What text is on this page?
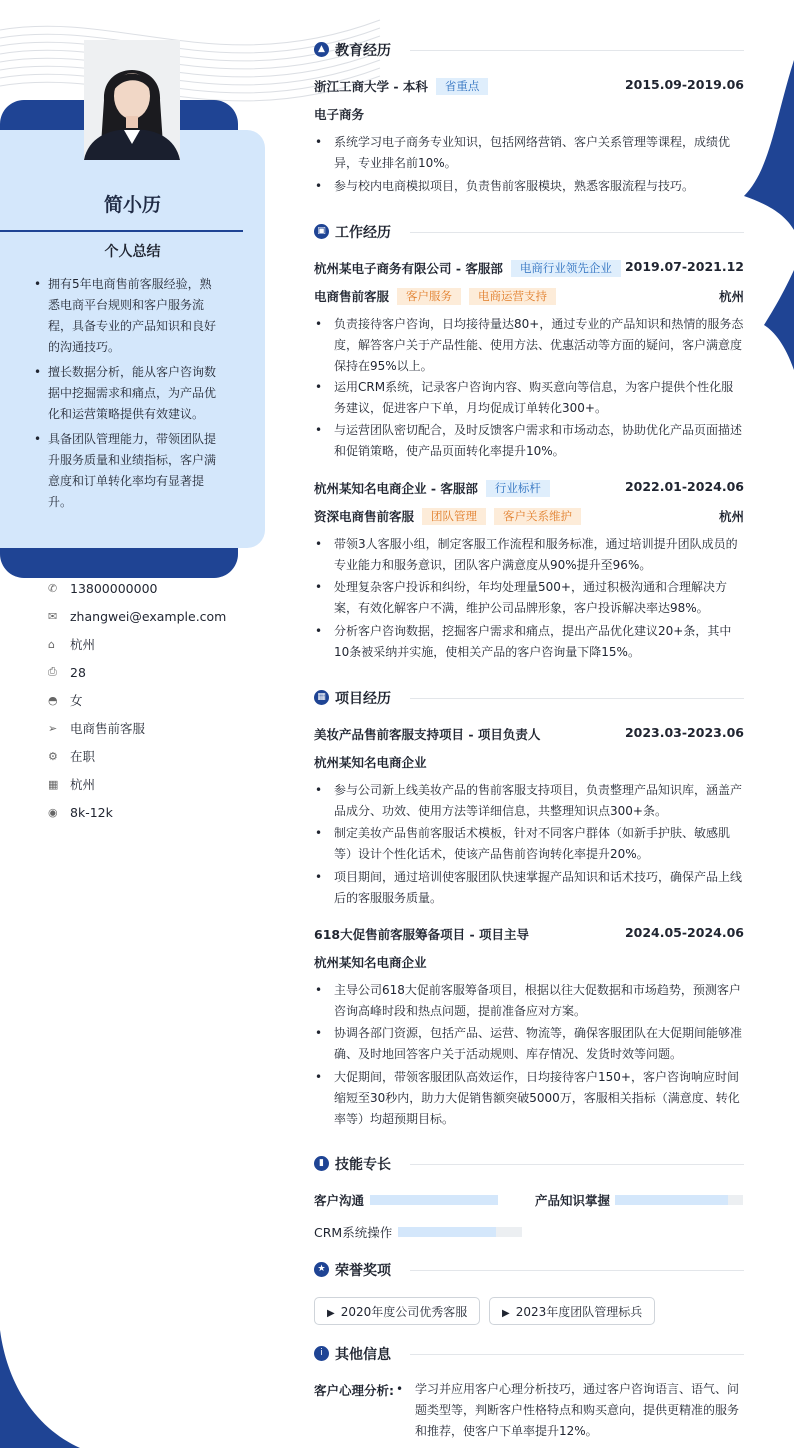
简小历
个人总结
• 拥有5年电商售前客服经验，熟悉电商平台规则和客户服务流程，具备专业的产品知识和良好的沟通技巧。
• 擅长数据分析，能从客户咨询数据中挖掘需求和痛点，为产品优化和运营策略提供有效建议。
• 具备团队管理能力，带领团队提升服务质量和业绩指标，客户满意度和订单转化率均有显著提升。
✆	13800000000
✉	zhangwei@example.com
⌂	杭州
⎙	28
◓ 女
➢	电商售前客服
⚙ 在职
▦ 杭州
◉ 8k-12k
▲ 教育经历
浙江工商大学 - 本科 省重点	2015.09-2019.06
电子商务
• 系统学习电子商务专业知识，包括网络营销、客户关系管理等课程，成绩优异，专业排名前10%。
• 参与校内电商模拟项目，负责售前客服模块，熟悉客服流程与技巧。
▣ 工作经历
杭州某电子商务有限公司 - 客服部 电商行业领先企业 2019.07-2021.12
电商售前客服 客户服务 电商运营支持	杭州
• 负责接待客户咨询，日均接待量达80+，通过专业的产品知识和热情的服务态度，解答客户关于产品性能、使用方法、优惠活动等方面的疑问，客户满意度保持在95%以上。
• 运用CRM系统，记录客户咨询内容、购买意向等信息，为客户提供个性化服务建议，促进客户下单，月均促成订单转化300+。
• 与运营团队密切配合，及时反馈客户需求和市场动态，协助优化产品页面描述和促销策略，使产品页面转化率提升10%。
杭州某知名电商企业 - 客服部 行业标杆	2022.01-2024.06
资深电商售前客服 团队管理 客户关系维护	杭州
• 带领3人客服小组，制定客服工作流程和服务标准，通过培训提升团队成员的专业能力和服务意识，团队客户满意度从90%提升至96%。
• 处理复杂客户投诉和纠纷，年均处理量500+，通过积极沟通和合理解决方案，有效化解客户不满，维护公司品牌形象，客户投诉解决率达98%。
• 分析客户咨询数据，挖掘客户需求和痛点，提出产品优化建议20+条，其中10条被采纳并实施，使相关产品的客户咨询量下降15%。
▦ 项目经历
美妆产品售前客服支持项目 - 项目负责人	2023.03-2023.06
杭州某知名电商企业
• 参与公司新上线美妆产品的售前客服支持项目，负责整理产品知识库，涵盖产品成分、功效、使用方法等详细信息，共整理知识点300+条。
• 制定美妆产品售前客服话术模板，针对不同客户群体（如新手护肤、敏感肌等）设计个性化话术，使该产品售前咨询转化率提升20%。
• 项目期间，通过培训使客服团队快速掌握产品知识和话术技巧，确保产品上线后的客服服务质量。
618大促售前客服筹备项目 - 项目主导	2024.05-2024.06
杭州某知名电商企业
• 主导公司618大促前客服筹备项目，根据以往大促数据和市场趋势，预测客户咨询高峰时段和热点问题，提前准备应对方案。
• 协调各部门资源，包括产品、运营、物流等，确保客服团队在大促期间能够准确、及时地回答客户关于活动规则、库存情况、发货时效等问题。
• 大促期间，带领客服团队高效运作，日均接待客户150+，客户咨询响应时间缩短至30秒内，助力大促销售额突破5000万，客服相关指标（满意度、转化率等）均超预期目标。
▮ 技能专长
客户沟通	产品知识掌握
CRM系统操作
★ 荣誉奖项
▶ 2020年度公司优秀客服	▶ 2023年度团队管理标兵
i 其他信息
客户心理分析:
• 学习并应用客户心理分析技巧，通过客户咨询语言、语气、问题类型等，判断客户性格特点和购买意向，提供更精准的服务和推荐，使客户下单率提升12%。
